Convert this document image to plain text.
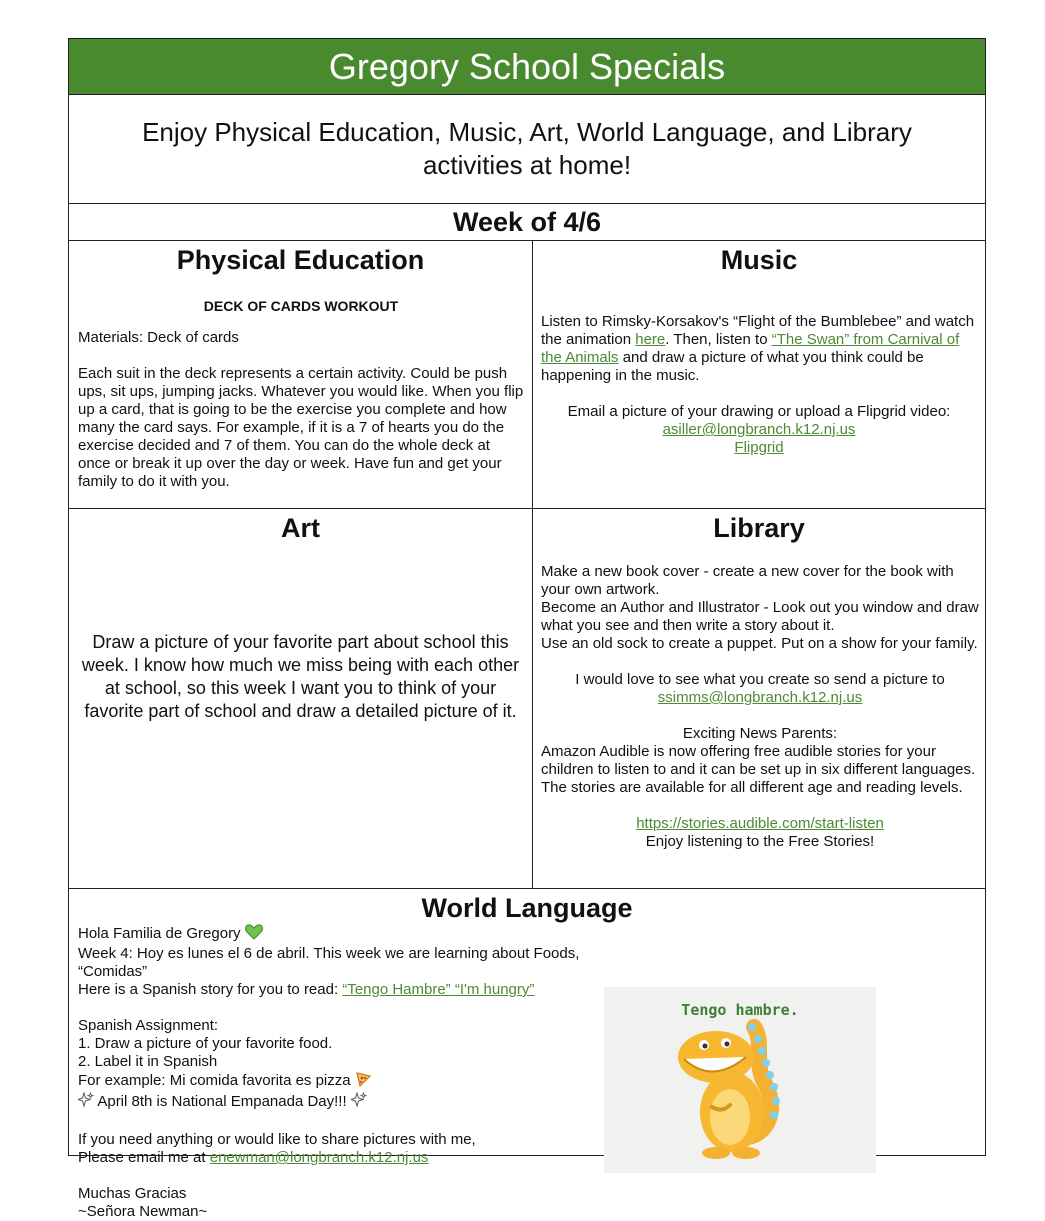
Gregory School Specials
Enjoy Physical Education, Music, Art, World Language, and Library activities at home!
Week of 4/6
Physical Education
DECK OF CARDS WORKOUT
Materials: Deck of cards
Each suit in the deck represents a certain activity. Could be push ups, sit ups, jumping jacks. Whatever you would like. When you flip up a card, that is going to be the exercise you complete and how many the card says. For example, if it is a 7 of hearts you do the exercise decided and 7 of them. You can do the whole deck at once or break it up over the day or week. Have fun and get your family to do it with you.
Music
Listen to Rimsky-Korsakov's “Flight of the Bumblebee” and watch the animation here. Then, listen to “The Swan” from Carnival of the Animals and draw a picture of what you think could be happening in the music.
Email a picture of your drawing or upload a Flipgrid video:
asiller@longbranch.k12.nj.us
Flipgrid
Art
Draw a picture of your favorite part about school this week. I know how much we miss being with each other at school, so this week I want you to think of your favorite part of school and draw a detailed picture of it.
Library
Make a new book cover - create a new cover for the book with your own artwork.
Become an Author and Illustrator - Look out you window and draw what you see and then write a story about it.
Use an old sock to create a puppet. Put on a show for your family.
I would love to see what you create so send a picture to
ssimms@longbranch.k12.nj.us
Exciting News Parents:
Amazon Audible is now offering free audible stories for your children to listen to and it can be set up in six different languages. The stories are available for all different age and reading levels.
https://stories.audible.com/start-listen
Enjoy listening to the Free Stories!
World Language
Hola Familia de Gregory
Week 4: Hoy es lunes el 6 de abril. This week we are learning about Foods, “Comidas”
Here is a Spanish story for you to read: “Tengo Hambre” “I'm hungry”
Spanish Assignment:
1. Draw a picture of your favorite food.
2. Label it in Spanish
For example: Mi comida favorita es pizza
April 8th is National Empanada Day!!!
If you need anything or would like to share pictures with me,
Please email me at enewman@longbranch.k12.nj.us
Muchas Gracias
~Señora Newman~
Tengo hambre.
